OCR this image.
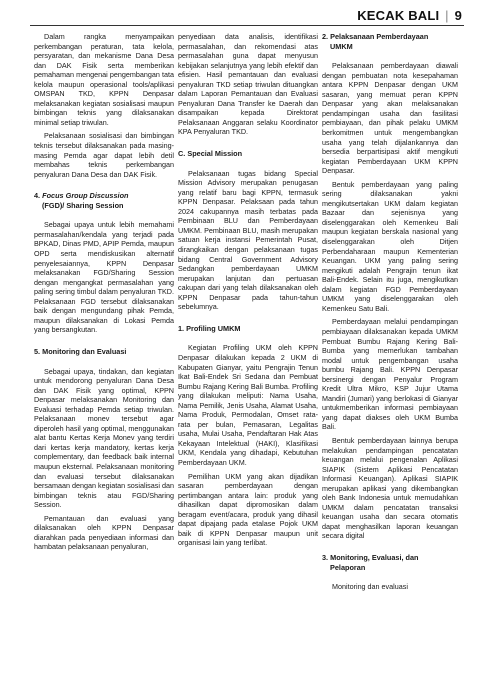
KECAK BALI | 9

Dalam rangka menyampaikan perkembangan peraturan, tata kelola, persyaratan, dan mekanisme Dana Desa dan DAK Fisik serta memberikan pemahaman mengenai pengembangan tata kelola maupun operasional tools/aplikasi OMSPAN TKD, KPPN Denpasar melaksanakan kegiatan sosialisasi maupun bimbingan teknis yang dilaksanakan minimal setiap triwulan.

Pelaksanaan sosialisasi dan bimbingan teknis tersebut dilaksanakan pada masing-masing Pemda agar dapat lebih detil membahas teknis perkembangan penyaluran Dana Desa dan DAK Fisik.

4. Focus Group Discussion
(FGD)/ Sharing Session

Sebagai upaya untuk lebih memahami permasalahan/kendala yang terjadi pada BPKAD, Dinas PMD, APIP Pemda, maupun OPD serta mendiskusikan alternatif penyelesaiannya, KPPN Denpasar melaksanakan FGD/Sharing Session dengan mengangkat permasalahan yang paling sering timbul dalam penyaluran TKD. Pelaksanaan FGD tersebut dilaksanakan baik dengan mengundang pihak Pemda, maupun dilaksanakan di Lokasi Pemda yang bersangkutan.

5. Monitoring dan Evaluasi

Sebagai upaya, tindakan, dan kegiatan untuk mendorong penyaluran Dana Desa dan DAK Fisik yang optimal, KPPN Denpasar melaksanakan Monitoring dan Evaluasi terhadap Pemda setiap triwulan. Pelaksanaan monev tersebut agar diperoleh hasil yang optimal, menggunakan alat bantu Kertas Kerja Monev yang terdiri dari kertas kerja mandatory, kertas kerja complementary, dan feedback baik internal maupun eksternal. Pelaksanaan monitoring dan evaluasi tersebut dilaksanakan bersamaan dengan kegiatan sosialisasi dan bimbingan teknis atau FGD/Sharing Session.

Pemantauan dan evaluasi yang dilaksanakan oleh KPPN Denpasar diarahkan pada penyediaan informasi dan hambatan pelaksanaan penyaluran,

penyediaan data analisis, identifikasi permasalahan, dan rekomendasi atas permasalahan guna dapat menyusun kebijakan selanjutnya yang lebih efektif dan efisien. Hasil pemantauan dan evaluasi penyaluran TKD setiap triwulan dituangkan dalam Laporan Pemantauan dan Evaluasi Penyaluran Dana Transfer ke Daerah dan disampaikan kepada Direktorat Pelaksanaan Anggaran selaku Koordinator KPA Penyaluran TKD.

C. Special Mission

Pelaksanaan tugas bidang Special Mission Advisory merupakan penugasan yang relatif baru bagi KPPN, termasuk KPPN Denpasar. Pelaksaan pada tahun 2024 cakupannya masih terbatas pada Pembinaan BLU dan Pemberdayaan UMKM. Pembinaan BLU, masih merupakan satuan kerja instansi Pemerintah Pusat, dirangkaikan dengan pelaksanaan tugas bidang Central Government Advisory Sedangkan pemberdayaan UMKM merupakan lanjutan dan pertuasan cakupan dari yang telah dilaksanakan oleh KPPN Denpasar pada tahun-tahun sebelumnya.

1. Profiling UMKM

Kegiatan Profiling UKM oleh KPPN Denpasar dilakukan kepada 2 UKM di Kabupaten Gianyar, yaitu Pengrajin Tenun Ikat Bali-Endek Sri Sedana dan Pembuat Bumbu Rajang Kering Bali Bumba. Profiling yang dilakukan meliputi: Nama Usaha, Nama Pemilik, Jenis Usaha, Alamat Usaha, Nama Produk, Permodalan, Omset rata-rata per bulan, Pemasaran, Legalitas usaha, Mulai Usaha, Pendaftaran Hak Atas Kekayaan Intelektual (HAKI), Klasifikasi UKM, Kendala yang dihadapi, Kebutuhan Pemberdayaan UKM.

Pemilihan UKM yang akan dijadikan sasaran pemberdayaan dengan pertimbangan antara lain: produk yang dihasilkan dapat dipromosikan dalam beragam event/acara, produk yang dihasil dapat dipajang pada etalase Pojok UKM baik di KPPN Denpasar maupun unit organisasi lain yang terlibat.

2. Pelaksanaan Pemberdayaan
UMKM

Pelaksanaan pemberdayaan diawali dengan pembuatan nota kesepahaman antara KPPN Denpasar dengan UKM sasaran, yang memuat peran KPPN Denpasar yang akan melaksanakan pendampingan usaha dan fasilitasi pembiayaan, dan pihak pelaku UMKM berkomitmen untuk mengembangkan usaha yang telah dijalankannya dan bersedia berpartisipasi aktif mengikuti kegiatan Pemberdayaan UKM KPPN Denpasar.

Bentuk pemberdayaan yang paling sering dilaksanakan yakni mengikutsertakan UKM dalam kegiatan Bazaar dan sejenisnya yang diselenggarakan oleh Kemenkeu Bali maupun kegiatan berskala nasional yang diselenggarakan oleh Ditjen Perbendaharaan maupun Kementerian Keuangan. UKM yang paling sering mengikuti adalah Pengrajin tenun ikat Bali-Endek. Selain itu juga, mengikutkan dalam kegiatan FGD Pemberdayaan UMKM yang diselenggarakan oleh Kemenkeu Satu Bali.

Pemberdayaan melalui pendampingan pembiayaan dilaksanakan kepada UMKM Pembuat Bumbu Rajang Kering Bali-Bumba yang memerlukan tambahan modal untuk pengembangan usaha bumbu Rajang Bali. KPPN Denpasar bersinergi dengan Penyalur Program Kredit Ultra Mikro, KSP Jujur Utama Mandiri (Jumari) yang berlokasi di Gianyar untukmemberikan informasi pembiayaan yang dapat diakses oleh UKM Bumba Bali.

Bentuk pemberdayaan lainnya berupa melakukan pendampingan pencatatan keuangan melalui pengenalan Aplikasi SIAPIK (Sistem Aplikasi Pencatatan Informasi Keuangan). Aplikasi SIAPIK merupakan aplikasi yang dikembangkan oleh Bank Indonesia untuk memudahkan UMKM dalam pencatatan transaksi keuangan usaha dan secara otomatis dapat menghasilkan laporan keuangan secara digital

3. Monitoring, Evaluasi, dan
Pelaporan

Monitoring dan evaluasi
